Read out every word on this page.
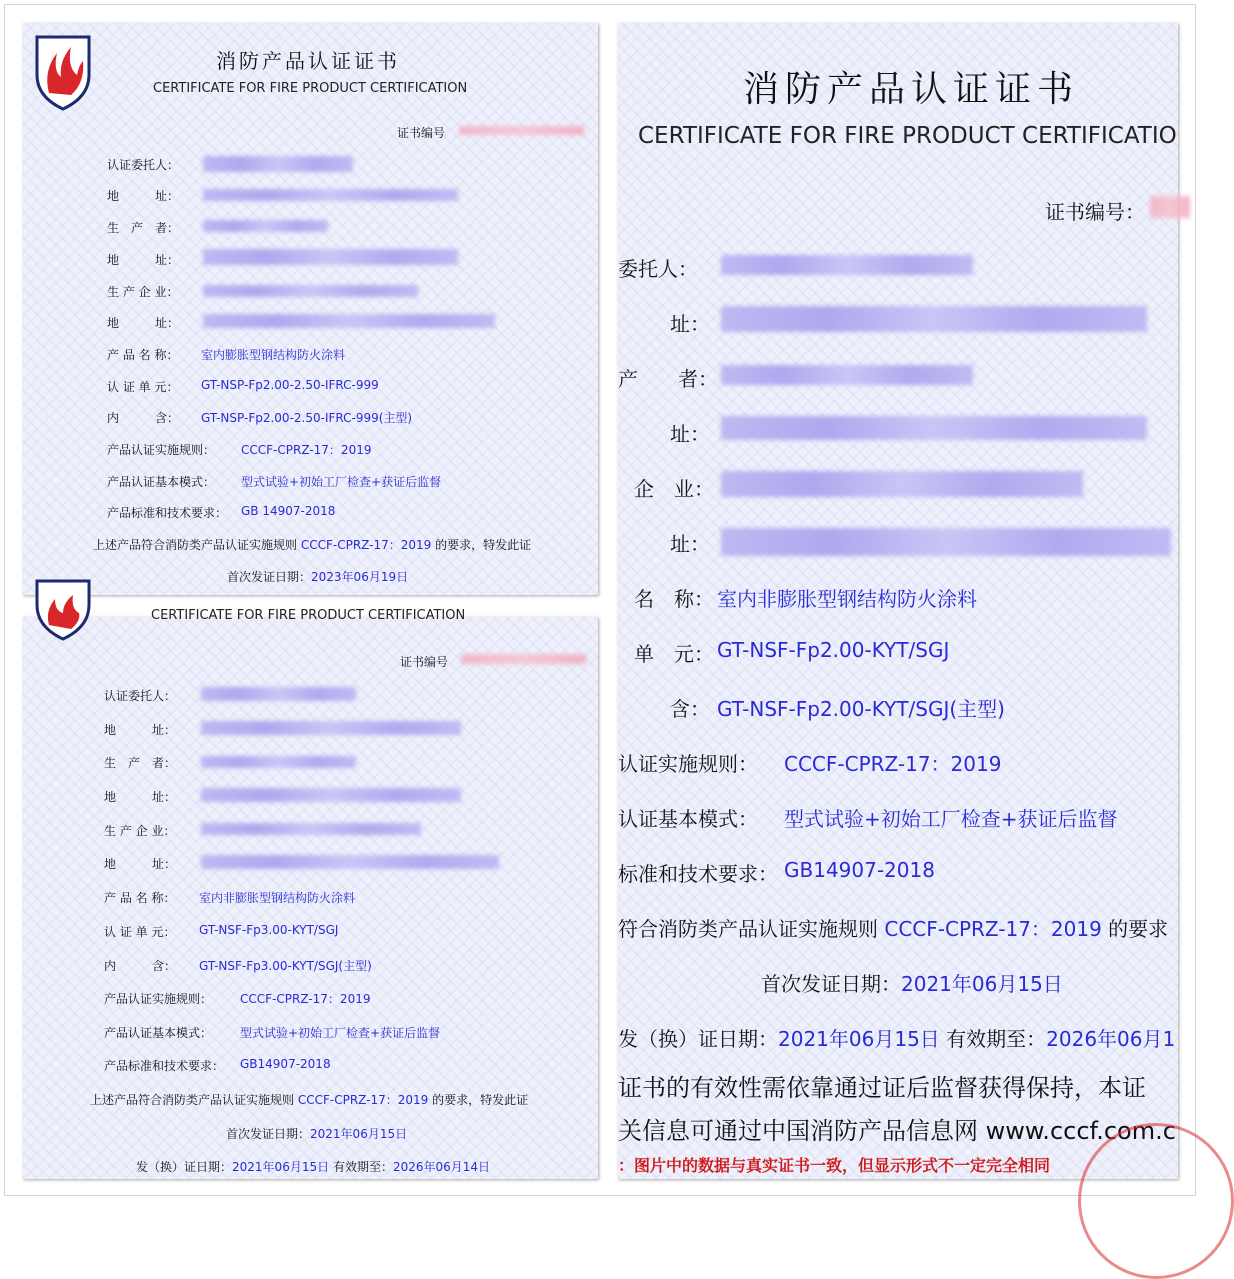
消防产品认证证书
CERTIFICATE FOR FIRE PRODUCT CERTIFICATION
证书编号
认证委托人：
地　　　址：
生　产　者：
地　　　址：
生 产 企 业：
地　　　址：
产 品 名 称： 室内膨胀型钢结构防火涂料
认 证 单 元： GT-NSP-Fp2.00-2.50-IFRC-999
内　　　含： GT-NSP-Fp2.00-2.50-IFRC-999(主型)
产品认证实施规则： CCCF-CPRZ-17：2019
产品认证基本模式： 型式试验+初始工厂检查+获证后监督
产品标准和技术要求： GB 14907-2018
上述产品符合消防类产品认证实施规则 CCCF-CPRZ-17：2019 的要求，特发此证
首次发证日期：2023年06月19日
CERTIFICATE FOR FIRE PRODUCT CERTIFICATION
证书编号
认证委托人：
地　　　址：
生　产　者：
地　　　址：
生 产 企 业：
地　　　址：
产 品 名 称： 室内非膨胀型钢结构防火涂料
认 证 单 元： GT-NSF-Fp3.00-KYT/SGJ
内　　　含： GT-NSF-Fp3.00-KYT/SGJ(主型)
产品认证实施规则： CCCF-CPRZ-17：2019
产品认证基本模式： 型式试验+初始工厂检查+获证后监督
产品标准和技术要求： GB14907-2018
上述产品符合消防类产品认证实施规则 CCCF-CPRZ-17：2019 的要求，特发此证
首次发证日期：2021年06月15日
发（换）证日期：2021年06月15日 有效期至：2026年06月14日
消防产品认证证书
CERTIFICATE FOR FIRE PRODUCT CERTIFICATIO
证书编号：
委托人：
址：
产　　者：
址：
企　业：
址：
名　称： 室内非膨胀型钢结构防火涂料
单　元： GT-NSF-Fp2.00-KYT/SGJ
含： GT-NSF-Fp2.00-KYT/SGJ(主型)
认证实施规则： CCCF-CPRZ-17：2019
认证基本模式： 型式试验+初始工厂检查+获证后监督
标准和技术要求： GB14907-2018
符合消防类产品认证实施规则 CCCF-CPRZ-17：2019 的要求
首次发证日期：2021年06月15日
发（换）证日期：2021年06月15日 有效期至：2026年06月1
证书的有效性需依靠通过证后监督获得保持，本证
关信息可通过中国消防产品信息网 www.cccf.com.c
：图片中的数据与真实证书一致，但显示形式不一定完全相同
